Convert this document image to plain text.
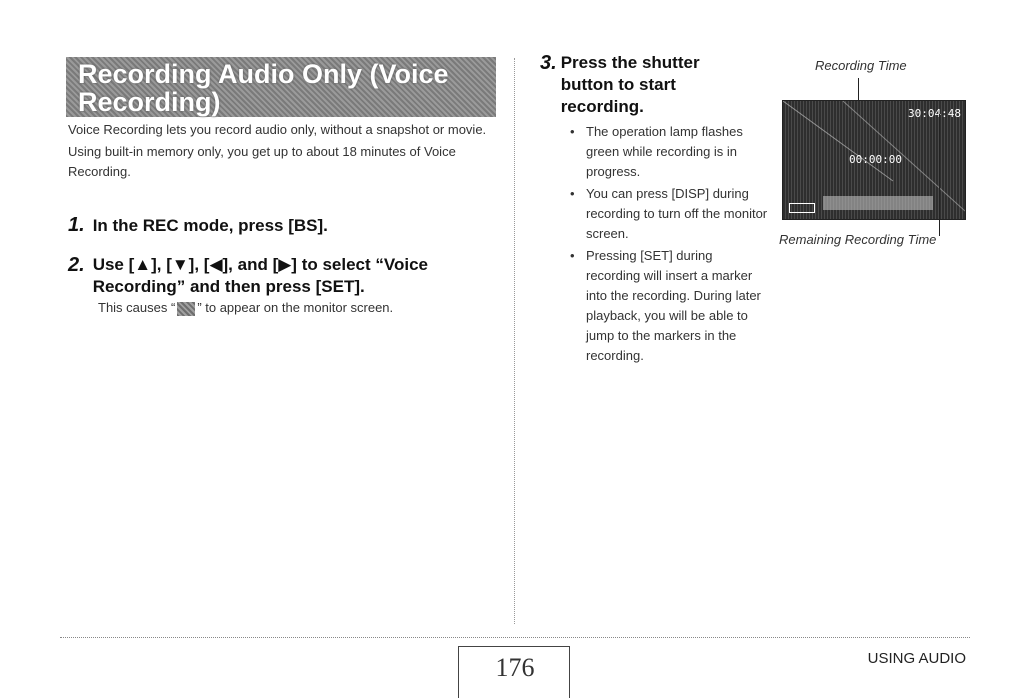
Recording Audio Only (Voice
Recording)

Voice Recording lets you record audio only, without a snapshot or movie.

Using built-in memory only, you get up to about 18 minutes of Voice Recording.

1. In the REC mode, press [BS].
2. Use [▲], [▼], [◀], and [▶] to select “Voice Recording” and then press [SET].
This causes “ ” to appear on the monitor screen.
3. Press the shutter button to start recording.
• The operation lamp flashes green while recording is in progress.
• You can press [DISP] during recording to turn off the monitor screen.
• Pressing [SET] during recording will insert a marker into the recording. During later playback, you will be able to jump to the markers in the recording.
Recording Time
30:04:48
00:00:00
Remaining Recording Time
176	USING AUDIO
